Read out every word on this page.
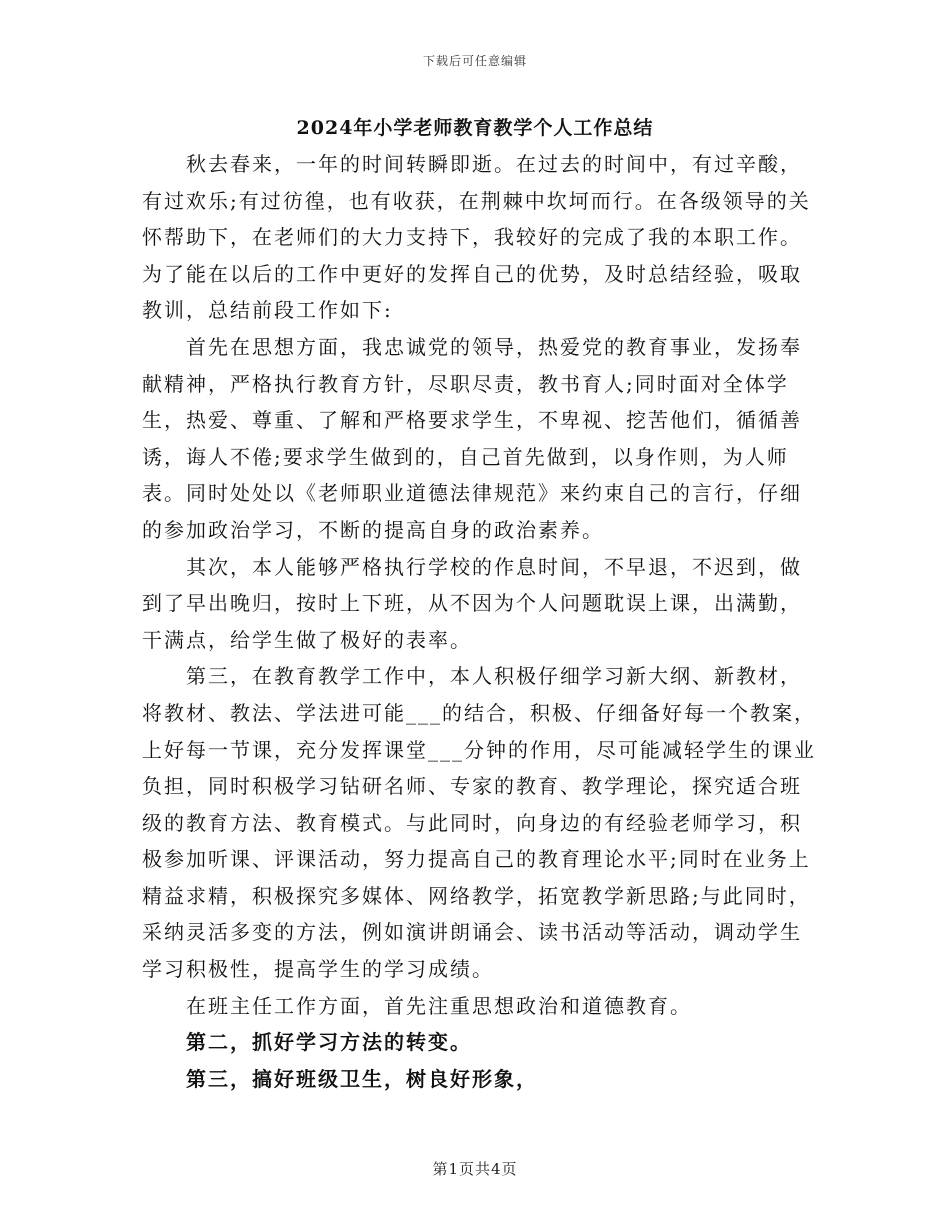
下载后可任意编辑
2024年小学老师教育教学个人工作总结

秋去春来，一年的时间转瞬即逝。在过去的时间中，有过辛酸，有过欢乐;有过彷徨，也有收获，在荆棘中坎坷而行。在各级领导的关怀帮助下，在老师们的大力支持下，我较好的完成了我的本职工作。为了能在以后的工作中更好的发挥自己的优势，及时总结经验，吸取教训，总结前段工作如下:

首先在思想方面，我忠诚党的领导，热爱党的教育事业，发扬奉献精神，严格执行教育方针，尽职尽责，教书育人;同时面对全体学生，热爱、尊重、了解和严格要求学生，不卑视、挖苦他们，循循善诱，诲人不倦;要求学生做到的，自己首先做到，以身作则，为人师表。同时处处以《老师职业道德法律规范》来约束自己的言行，仔细的参加政治学习，不断的提高自身的政治素养。

其次，本人能够严格执行学校的作息时间，不早退，不迟到，做到了早出晚归，按时上下班，从不因为个人问题耽误上课，出满勤，干满点，给学生做了极好的表率。

第三，在教育教学工作中，本人积极仔细学习新大纲、新教材，将教材、教法、学法进可能___的结合，积极、仔细备好每一个教案，上好每一节课，充分发挥课堂___分钟的作用，尽可能减轻学生的课业负担，同时积极学习钻研名师、专家的教育、教学理论，探究适合班级的教育方法、教育模式。与此同时，向身边的有经验老师学习，积极参加听课、评课活动，努力提高自己的教育理论水平;同时在业务上精益求精，积极探究多媒体、网络教学，拓宽教学新思路;与此同时，采纳灵活多变的方法，例如演讲朗诵会、读书活动等活动，调动学生学习积极性，提高学生的学习成绩。

在班主任工作方面，首先注重思想政治和道德教育。

第二，抓好学习方法的转变。

第三，搞好班级卫生，树良好形象，

第1页共4页
